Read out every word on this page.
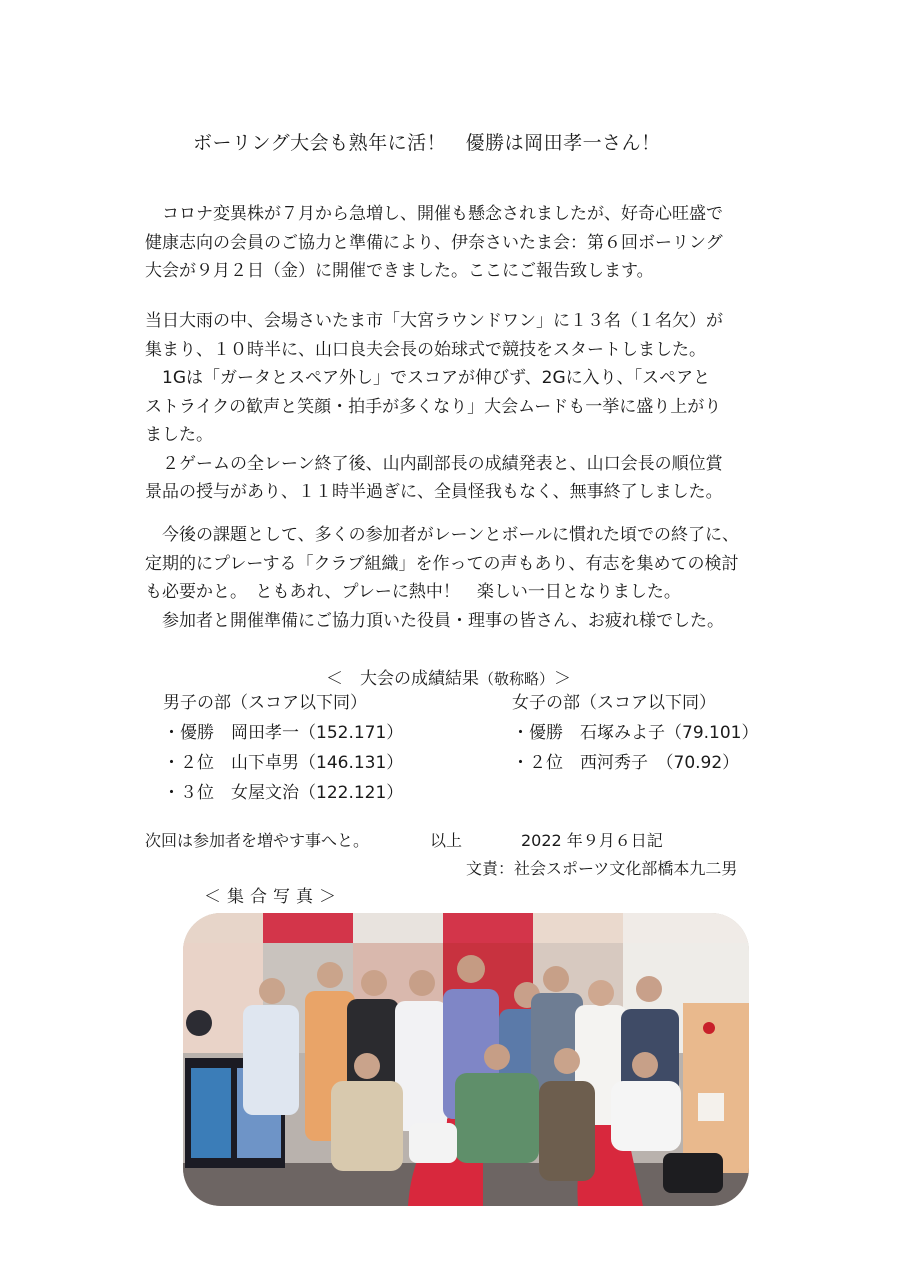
ボーリング大会も熟年に活！　優勝は岡田孝一さん！

　コロナ変異株が７月から急増し、開催も懸念されましたが、好奇心旺盛で

健康志向の会員のご協力と準備により、伊奈さいたま会：第６回ボーリング

大会が９月２日（金）に開催できました。ここにご報告致します。

当日大雨の中、会場さいたま市「大宮ラウンドワン」に１３名（１名欠）が

集まり、１０時半に、山口良夫会長の始球式で競技をスタートしました。

　1Gは「ガータとスペア外し」でスコアが伸びず、2Gに入り、「スペアと

ストライクの歓声と笑顔・拍手が多くなり」大会ムードも一挙に盛り上がり

ました。

　２ゲームの全レーン終了後、山内副部長の成績発表と、山口会長の順位賞

景品の授与があり、１１時半過ぎに、全員怪我もなく、無事終了しました。

　今後の課題として、多くの参加者がレーンとボールに慣れた頃での終了に、

定期的にプレーする「クラブ組織」を作っての声もあり、有志を集めての検討

も必要かと。　ともあれ、プレーに熱中！　楽しい一日となりました。

　参加者と開催準備にご協力頂いた役員・理事の皆さん、お疲れ様でした。

＜　大会の成績結果（敬称略）＞
男子の部（スコア以下同）
・優勝　岡田孝一（152.171）
・２位　山下卓男（146.131）
・３位　女屋文治（122.121）
女子の部（スコア以下同）
・優勝　石塚みよ子（79.101）
・２位　西河秀子　（70.92）
次回は参加者を増やす事へと。	以上	2022 年９月６日記
文責：社会スポーツ文化部橋本九二男
＜集合写真＞
